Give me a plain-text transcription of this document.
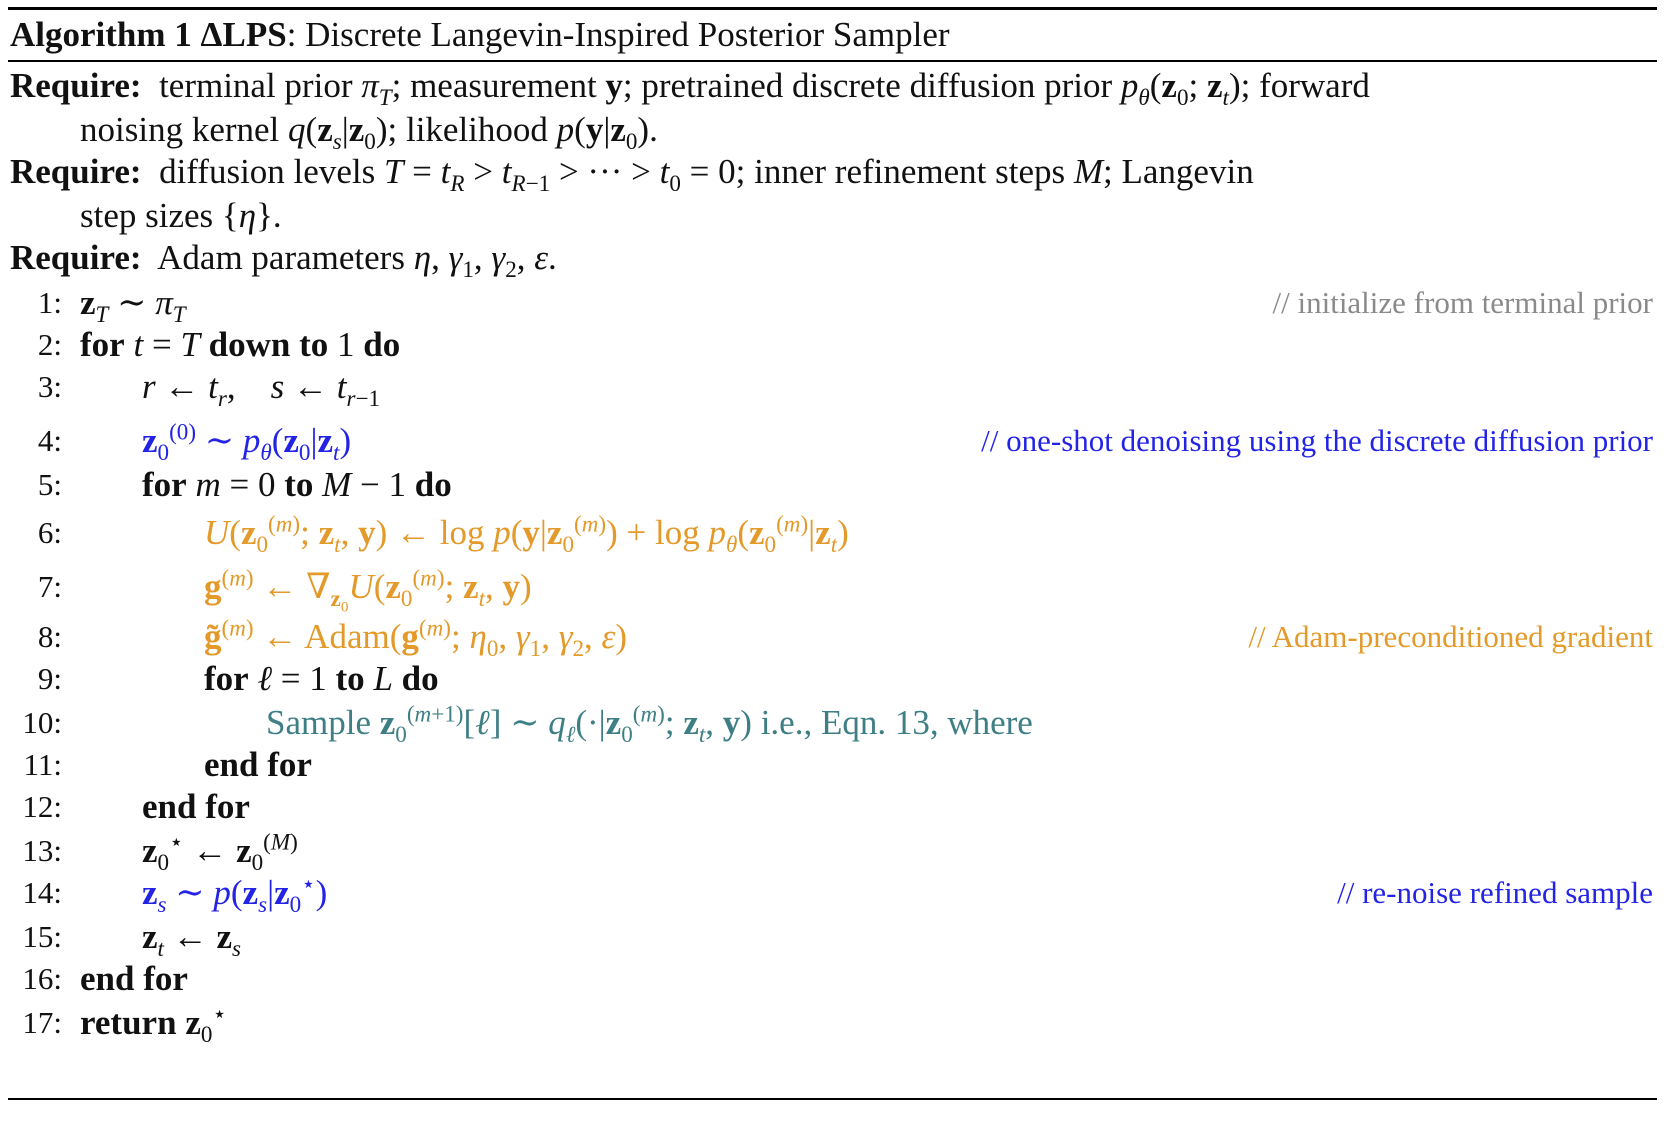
Algorithm 1 ΔLPS: Discrete Langevin-Inspired Posterior Sampler
Require:  terminal prior $\pi_T$; measurement y; pretrained discrete diffusion prior $p_\theta(z_0$; $z_t$); forward
noising kernel $q(z_s|z_0)$; likelihood $p(y|z_0)$.
Require:  diffusion levels $T = t_R > t_{R-1}$ > ··· > $t_0 = 0$; inner refinement steps M; Langevin
step sizes {η}.
Require:  Adam parameters η, $\gamma_1$, $\gamma_2$, ε.
1: $z_T$ ∼ $\pi_T$	// initialize from terminal prior
2: for t = T down to 1 do
3: r ← $t_r$,    s ← $t_{r-1}$
4: $z_0^{(0)}$ ∼ $p_\theta(z_0|z_t)$	// one-shot denoising using the discrete diffusion prior
5: for m = 0 to M − 1 do
6:	$U(z_0^{(m)}$; $z_t$, y) ← $\log p(y|z_0^{(m)}) + \log p_\theta(z_0^{(m)}|z_t)$
7:	$g^{(m)}$ ← $\nabla_{z_0}U(z_0^{(m)}$; $z_t$, y)
8:	g̃$^{(m)}$ ← $Adam(g^{(m)}$; $\eta_0$, $\gamma_1$, $\gamma_2$, ε)	// Adam-preconditioned gradient
9:	for ℓ = 1 to L do
10:	Sample $z_0^{(m+1)}[\ell]$ ∼ $q_\ell(\cdot|z_0^{(m)}$; $z_t$, y) i.e., Eqn. 13, where
11:	end for
12: end for
13: $z_0^⋆$ ← $z_0^{(M)}$
14: $z_s$ ∼ $p(z_s|z_0^⋆)$	// re-noise refined sample
15: $z_t$ ← $z_s$
16: end for
17: return $z_0^⋆$
